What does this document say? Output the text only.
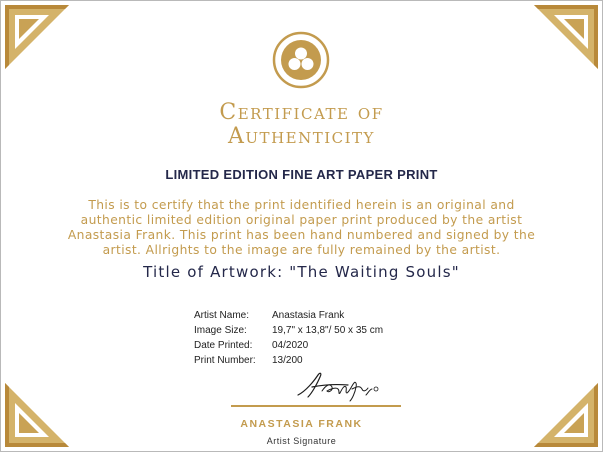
Certificate of
Authenticity
LIMITED EDITION FINE ART PAPER PRINT
This is to certify that the print identified herein is an original and
authentic limited edition original paper print produced by the artist
Anastasia Frank. This print has been hand numbered and signed by the
artist. Allrights to the image are fully remained by the artist.
Title of Artwork: "The Waiting Souls"
Artist Name: Anastasia Frank
Image Size:	19,7" x 13,8"/ 50 x 35 cm
Date Printed: 04/2020
Print Number: 13/200
ANASTASIA FRANK
Artist Signature
